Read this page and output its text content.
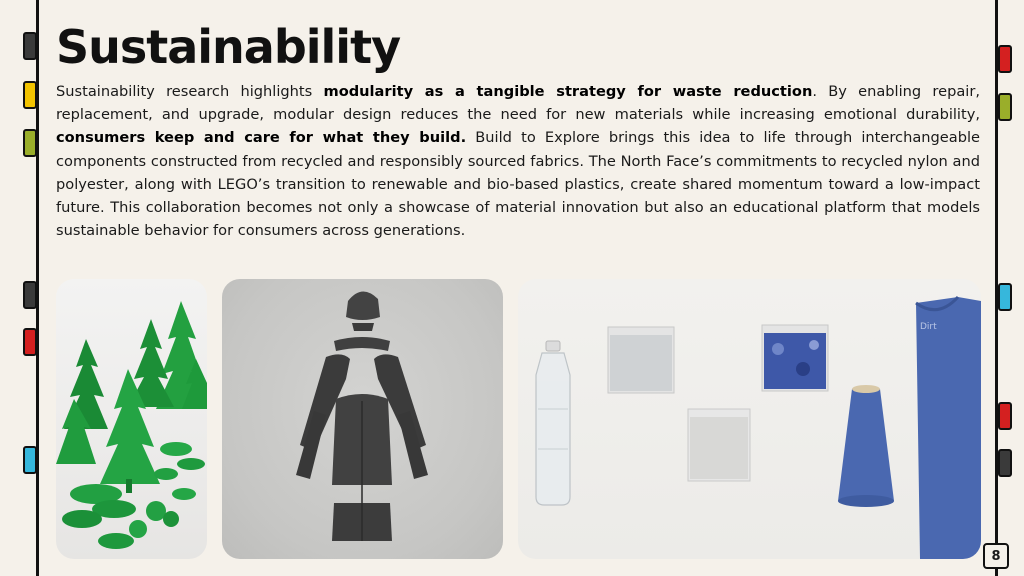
Sustainability

Sustainability research highlights modularity as a tangible strategy for waste reduction. By enabling repair, replacement, and upgrade, modular design reduces the need for new materials while increasing emotional durability, consumers keep and care for what they build. Build to Explore brings this idea to life through interchangeable components constructed from recycled and responsibly sourced fabrics. The North Face’s commitments to recycled nylon and polyester, along with LEGO’s transition to renewable and bio-based plastics, create shared momentum toward a low-impact future. This collaboration becomes not only a showcase of material innovation but also an educational platform that models sustainable behavior for consumers across generations.

Dirt
8
